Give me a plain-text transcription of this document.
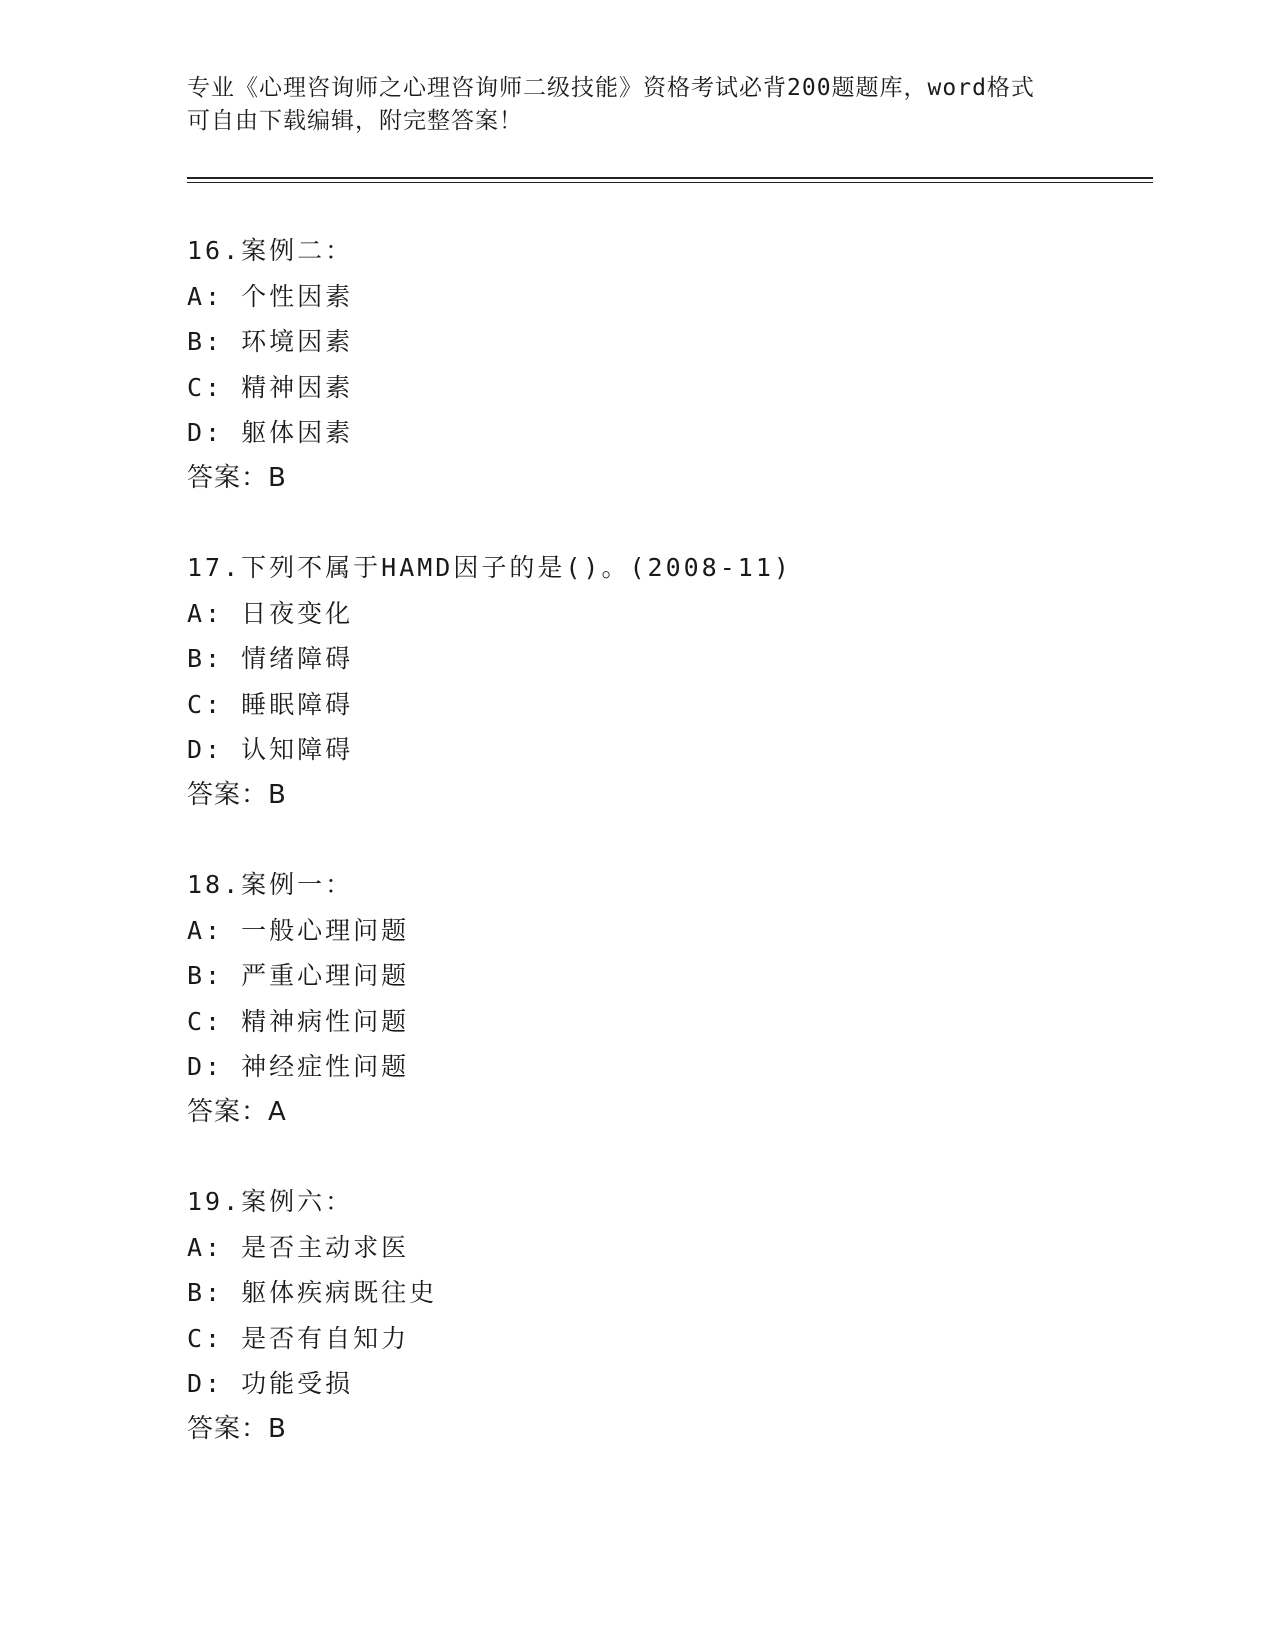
专业《心理咨询师之心理咨询师二级技能》资格考试必背200题题库，word格式
可自由下载编辑，附完整答案！
16.案例二：
A: 个性因素
B: 环境因素
C: 精神因素
D: 躯体因素
答案：B
17.下列不属于HAMD因子的是()。(2008-11)
A: 日夜变化
B: 情绪障碍
C: 睡眠障碍
D: 认知障碍
答案：B
18.案例一：
A: 一般心理问题
B: 严重心理问题
C: 精神病性问题
D: 神经症性问题
答案：A
19.案例六：
A: 是否主动求医
B: 躯体疾病既往史
C: 是否有自知力
D: 功能受损
答案：B
